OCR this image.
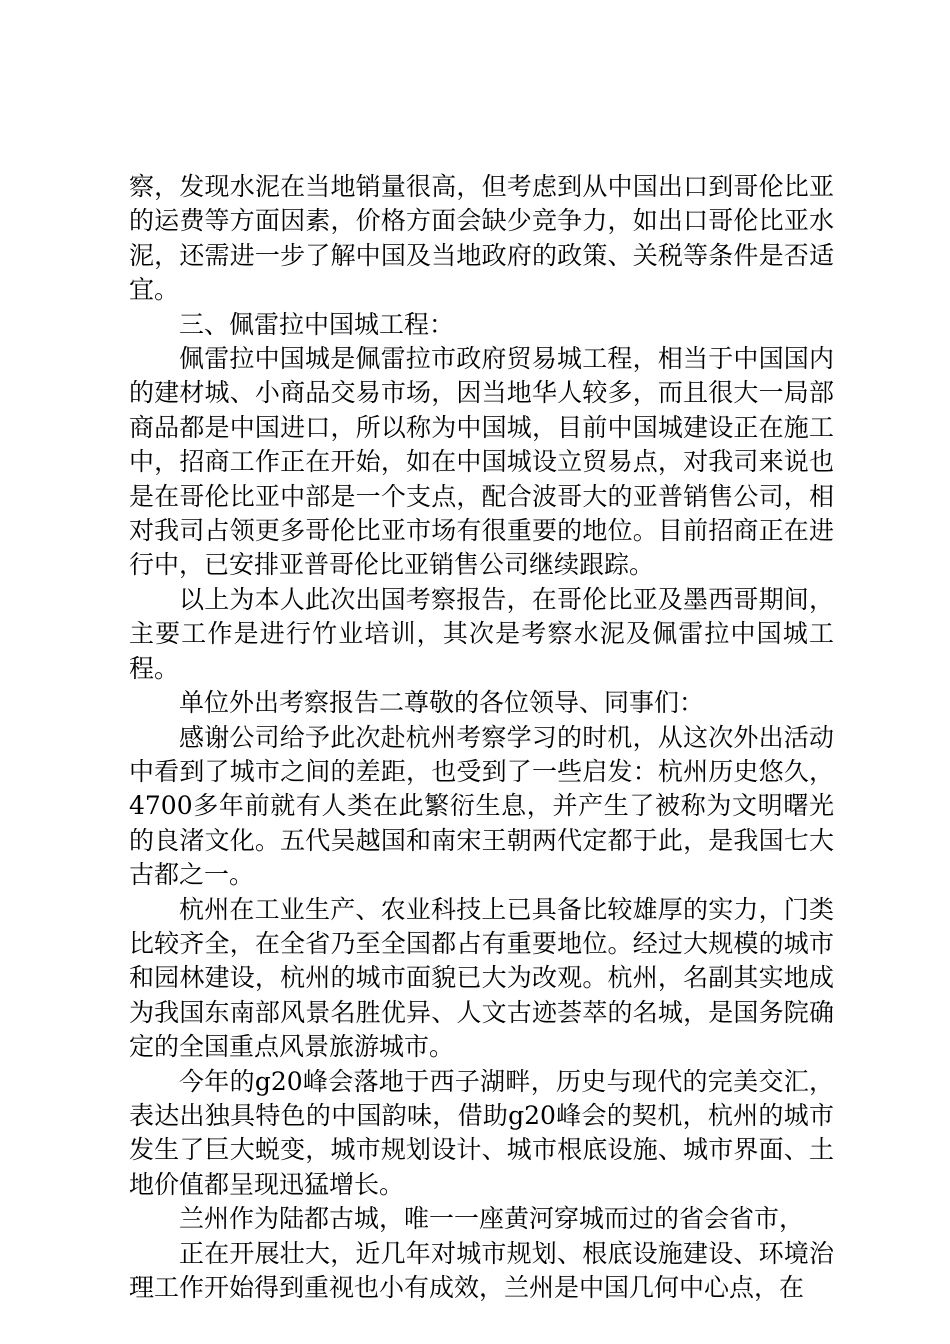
察，发现水泥在当地销量很高，但考虑到从中国出口到哥伦比亚的运费等方面因素，价格方面会缺少竞争力，如出口哥伦比亚水泥，还需进一步了解中国及当地政府的政策、关税等条件是否适宜。

三、佩雷拉中国城工程：

佩雷拉中国城是佩雷拉市政府贸易城工程，相当于中国国内的建材城、小商品交易市场，因当地华人较多，而且很大一局部商品都是中国进口，所以称为中国城，目前中国城建设正在施工中，招商工作正在开始，如在中国城设立贸易点，对我司来说也是在哥伦比亚中部是一个支点，配合波哥大的亚普销售公司，相对我司占领更多哥伦比亚市场有很重要的地位。目前招商正在进行中，已安排亚普哥伦比亚销售公司继续跟踪。

以上为本人此次出国考察报告，在哥伦比亚及墨西哥期间，主要工作是进行竹业培训，其次是考察水泥及佩雷拉中国城工程。

单位外出考察报告二尊敬的各位领导、同事们：

感谢公司给予此次赴杭州考察学习的时机，从这次外出活动中看到了城市之间的差距，也受到了一些启发：杭州历史悠久，4700多年前就有人类在此繁衍生息，并产生了被称为文明曙光的良渚文化。五代吴越国和南宋王朝两代定都于此，是我国七大古都之一。

杭州在工业生产、农业科技上已具备比较雄厚的实力，门类比较齐全，在全省乃至全国都占有重要地位。经过大规模的城市和园林建设，杭州的城市面貌已大为改观。杭州，名副其实地成为我国东南部风景名胜优异、人文古迹荟萃的名城，是国务院确定的全国重点风景旅游城市。

今年的g20峰会落地于西子湖畔，历史与现代的完美交汇，表达出独具特色的中国韵味，借助g20峰会的契机，杭州的城市发生了巨大蜕变，城市规划设计、城市根底设施、城市界面、土地价值都呈现迅猛增长。

兰州作为陆都古城，唯一一座黄河穿城而过的省会省市，

正在开展壮大，近几年对城市规划、根底设施建设、环境治理工作开始得到重视也小有成效，兰州是中国几何中心点，在
